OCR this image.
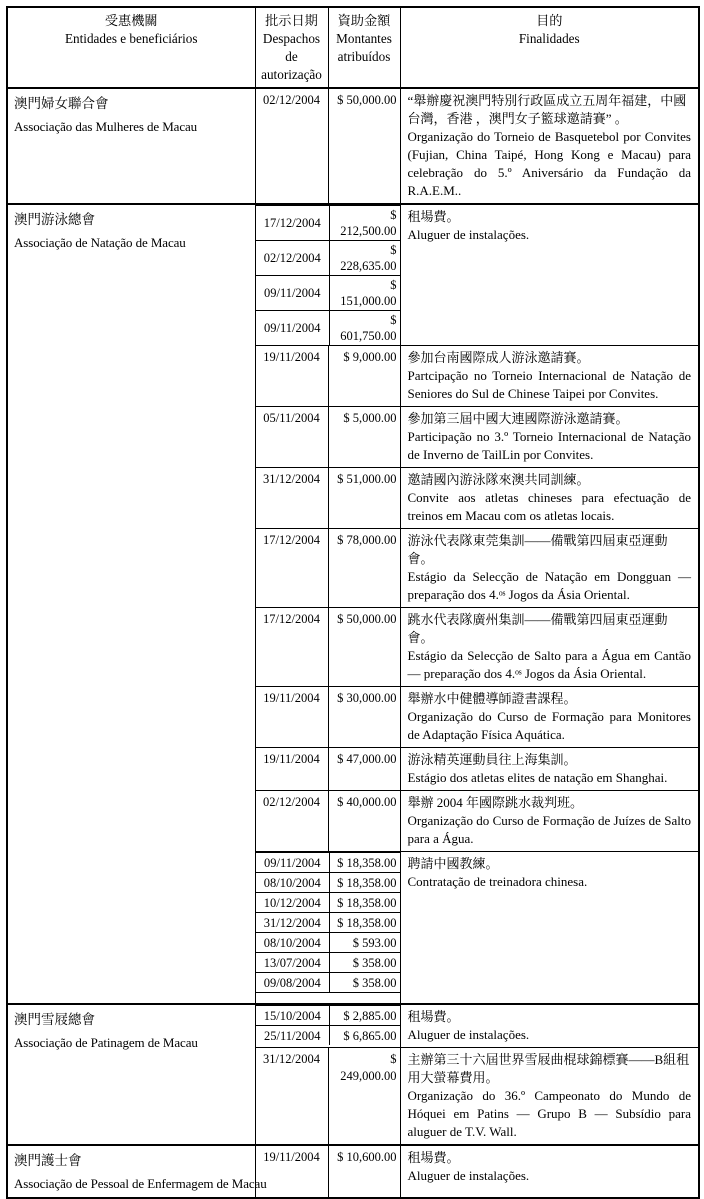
受惠機關
Entidades e beneficiários

批示日期
Despachos de autorização

資助金額
Montantes atribuídos

目的
Finalidades

澳門婦女聯合會
Associação das Mulheres de Macau
	02/12/2004	$ 50,000.00	“舉辦慶祝澳門特別行政區成立五周年福建，中國台灣，香港 ，澳門女子籃球邀請賽” 。
Organização do Torneio de Basquetebol por Convites (Fujian, China Taipé, Hong Kong e Macau) para celebração do 5.º Aniversário da Fundação da R.A.E.M..

澳門游泳總會
Associação de Natação de Macau

17/12/2004	$ 212,500.00
02/12/2004	$ 228,635.00
09/11/2004	$ 151,000.00
09/11/2004	$ 601,750.00

租場費。
Aluguer de instalações.

19/11/2004	$ 9,000.00	參加台南國際成人游泳邀請賽。
Partcipação no Torneio Internacional de Natação de Seniores do Sul de Chinese Taipei por Convites.

05/11/2004	$ 5,000.00	參加第三屆中國大連國際游泳邀請賽。
Participação no 3.º Torneio Internacional de Natação de Inverno de TailLin por Convites.

31/12/2004	$ 51,000.00	邀請國內游泳隊來澳共同訓練。
Convite aos atletas chineses para efectuação de treinos em Macau com os atletas locais.

17/12/2004	$ 78,000.00	游泳代表隊東莞集訓——備戰第四屆東亞運動會。
Estágio da Selecção de Natação em Dongguan — preparação dos 4.ᵒˢ Jogos da Ásia Oriental.

17/12/2004	$ 50,000.00	跳水代表隊廣州集訓——備戰第四屆東亞運動會。
Estágio da Selecção de Salto para a Água em Cantão — preparação dos 4.ᵒˢ Jogos da Ásia Oriental.

19/11/2004	$ 30,000.00	舉辦水中健體導師證書課程。
Organização do Curso de Formação para Monitores de Adaptação Física Aquática.

19/11/2004	$ 47,000.00	游泳精英運動員往上海集訓。
Estágio dos atletas elites de natação em Shanghai.

02/12/2004	$ 40,000.00	舉辦 2004 年國際跳水裁判班。
Organização do Curso de Formação de Juízes de Salto para a Água.

09/11/2004	$ 18,358.00
08/10/2004	$ 18,358.00
10/12/2004	$ 18,358.00
31/12/2004	$ 18,358.00
08/10/2004	$ 593.00
13/07/2004	$ 358.00
09/08/2004	$ 358.00

聘請中國教練。
Contratação de treinadora chinesa.

澳門雪屐總會
Associação de Patinagem de Macau

15/10/2004	$ 2,885.00
25/11/2004	$ 6,865.00

租場費。
Aluguer de instalações.

31/12/2004	$ 249,000.00	
主辦第三十六屆世界雪屐曲棍球錦標賽——B組租用大螢幕費用。
Organização do 36.º Campeonato do Mundo de Hóquei em Patins — Grupo B — Subsídio para aluguer de T.V. Wall.

澳門護士會
Associação de Pessoal de Enfermagem de Macau
	19/11/2004	$ 10,600.00	租場費。
Aluguer de instalações.
